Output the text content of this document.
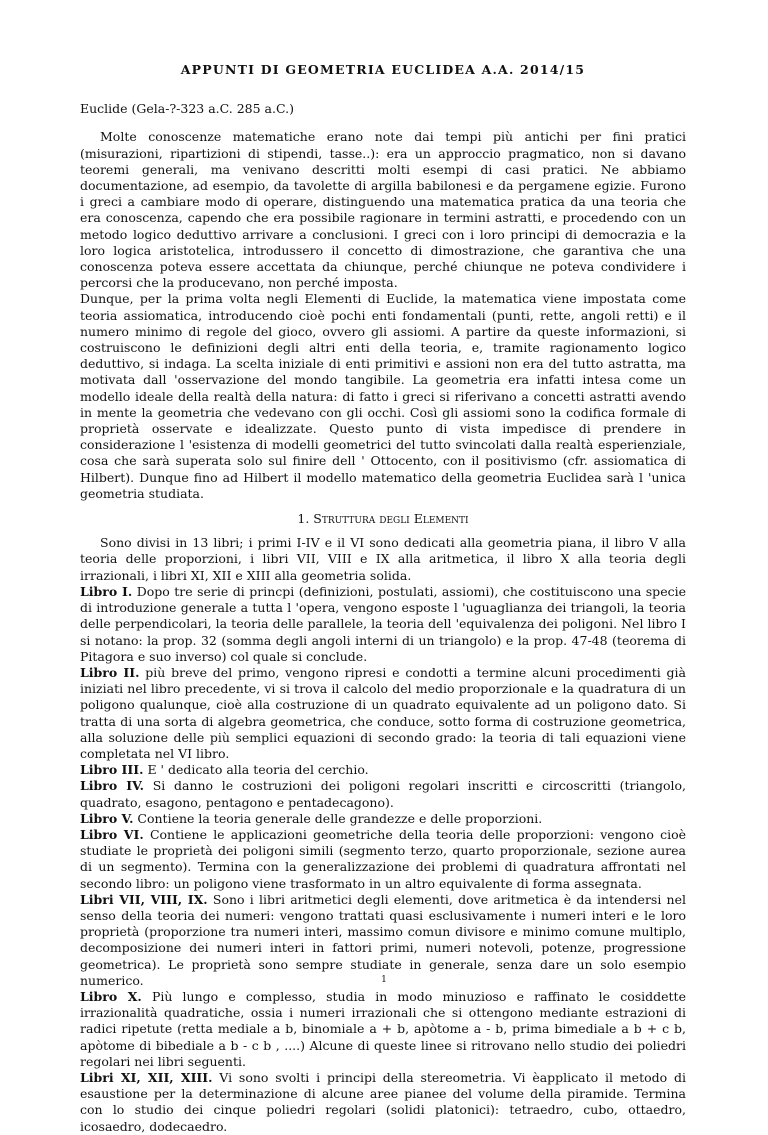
APPUNTI DI GEOMETRIA EUCLIDEA A.A. 2014/15

Euclide (Gela-?-323 a.C. 285 a.C.)

Molte conoscenze matematiche erano note dai tempi più antichi per fini pratici (misurazioni, ripartizioni di stipendi, tasse..): era un approccio pragmatico, non si davano teoremi generali, ma venivano descritti molti esempi di casi pratici. Ne abbiamo documentazione, ad esempio, da tavolette di argilla babilonesi e da pergamene egizie. Furono i greci a cambiare modo di operare, distinguendo una matematica pratica da una teoria che era conoscenza, capendo che era possibile ragionare in termini astratti, e procedendo con un metodo logico deduttivo arrivare a conclusioni. I greci con i loro principi di democrazia e la loro logica aristotelica, introdussero il concetto di dimostrazione, che garantiva che una conoscenza poteva essere accettata da chiunque, perché chiunque ne poteva condividere i percorsi che la producevano, non perché imposta.

Dunque, per la prima volta negli Elementi di Euclide, la matematica viene impostata come teoria assiomatica, introducendo cioè pochi enti fondamentali (punti, rette, angoli retti) e il numero minimo di regole del gioco, ovvero gli assiomi. A partire da queste informazioni, si costruiscono le definizioni degli altri enti della teoria, e, tramite ragionamento logico deduttivo, si indaga. La scelta iniziale di enti primitivi e assioni non era del tutto astratta, ma motivata dall 'osservazione del mondo tangibile. La geometria era infatti intesa come un modello ideale della realtà della natura: di fatto i greci si riferivano a concetti astratti avendo in mente la geometria che vedevano con gli occhi. Così gli assiomi sono la codifica formale di proprietà osservate e idealizzate. Questo punto di vista impedisce di prendere in considerazione l 'esistenza di modelli geometrici del tutto svincolati dalla realtà esperienziale, cosa che sarà superata solo sul finire dell ' Ottocento, con il positivismo (cfr. assiomatica di Hilbert). Dunque fino ad Hilbert il modello matematico della geometria Euclidea sarà l 'unica geometria studiata.

1. Struttura degli Elementi

Sono divisi in 13 libri; i primi I-IV e il VI sono dedicati alla geometria piana, il libro V alla teoria delle proporzioni, i libri VII, VIII e IX alla aritmetica, il libro X alla teoria degli irrazionali, i libri XI, XII e XIII alla geometria solida.

Libro I. Dopo tre serie di princpi (definizioni, postulati, assiomi), che costituiscono una specie di introduzione generale a tutta l 'opera, vengono esposte l 'uguaglianza dei triangoli, la teoria delle perpendicolari, la teoria delle parallele, la teoria dell 'equivalenza dei poligoni. Nel libro I si notano: la prop. 32 (somma degli angoli interni di un triangolo) e la prop. 47-48 (teorema di Pitagora e suo inverso) col quale si conclude.

Libro II. più breve del primo, vengono ripresi e condotti a termine alcuni procedimenti già iniziati nel libro precedente, vi si trova il calcolo del medio proporzionale e la quadratura di un poligono qualunque, cioè alla costruzione di un quadrato equivalente ad un poligono dato. Si tratta di una sorta di algebra geometrica, che conduce, sotto forma di costruzione geometrica, alla soluzione delle più semplici equazioni di secondo grado: la teoria di tali equazioni viene completata nel VI libro.

Libro III. E ' dedicato alla teoria del cerchio.

Libro IV. Si danno le costruzioni dei poligoni regolari inscritti e circoscritti (triangolo, quadrato, esagono, pentagono e pentadecagono).

Libro V. Contiene la teoria generale delle grandezze e delle proporzioni.

Libro VI. Contiene le applicazioni geometriche della teoria delle proporzioni: vengono cioè studiate le proprietà dei poligoni simili (segmento terzo, quarto proporzionale, sezione aurea di un segmento). Termina con la generalizzazione dei problemi di quadratura affrontati nel secondo libro: un poligono viene trasformato in un altro equivalente di forma assegnata.

Libri VII, VIII, IX. Sono i libri aritmetici degli elementi, dove aritmetica è da intendersi nel senso della teoria dei numeri: vengono trattati quasi esclusivamente i numeri interi e le loro proprietà (proporzione tra numeri interi, massimo comun divisore e minimo comune multiplo, decomposizione dei numeri interi in fattori primi, numeri notevoli, potenze, progressione geometrica). Le proprietà sono sempre studiate in generale, senza dare un solo esempio numerico.

Libro X. Più lungo e complesso, studia in modo minuzioso e raffinato le cosiddette irrazionalità quadratiche, ossia i numeri irrazionali che si ottengono mediante estrazioni di radici ripetute (retta mediale a b, binomiale a + b, apòtome a - b, prima bimediale a b + c b, apòtome di bibediale a b - c b , ....) Alcune di queste linee si ritrovano nello studio dei poliedri regolari nei libri seguenti.

Libri XI, XII, XIII. Vi sono svolti i principi della stereometria. Vi èapplicato il metodo di esaustione per la determinazione di alcune aree pianee del volume della piramide. Termina con lo studio dei cinque poliedri regolari (solidi platonici): tetraedro, cubo, ottaedro, icosaedro, dodecaedro.

1
